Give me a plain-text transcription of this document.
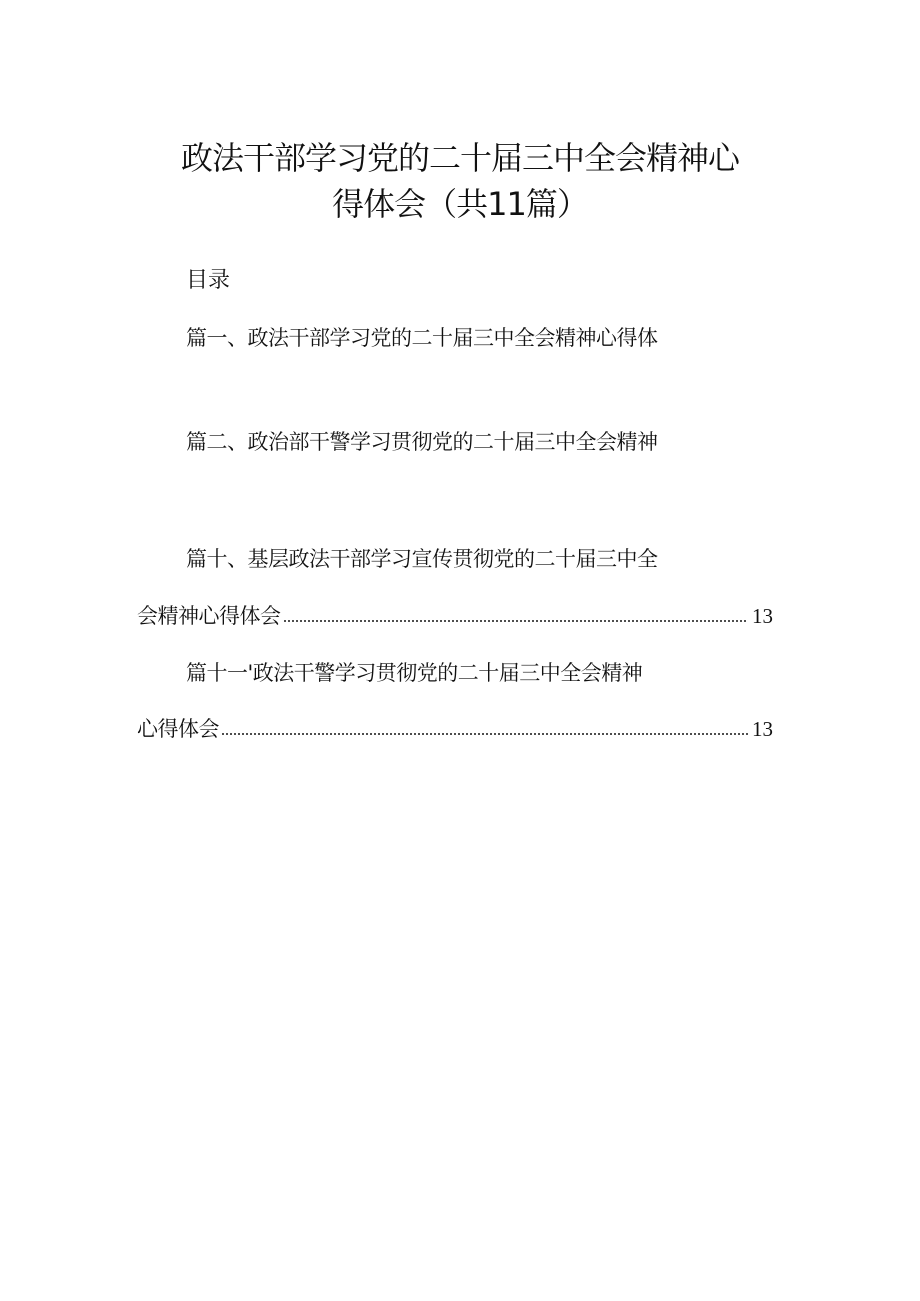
政法干部学习党的二十届三中全会精神心
得体会（共11篇）
目录
篇一、政法干部学习党的二十届三中全会精神心得体
篇二、政治部干警学习贯彻党的二十届三中全会精神
篇十、基层政法干部学习宣传贯彻党的二十届三中全
会精神心得体会	13
篇十一'政法干警学习贯彻党的二十届三中全会精神
心得体会	13
